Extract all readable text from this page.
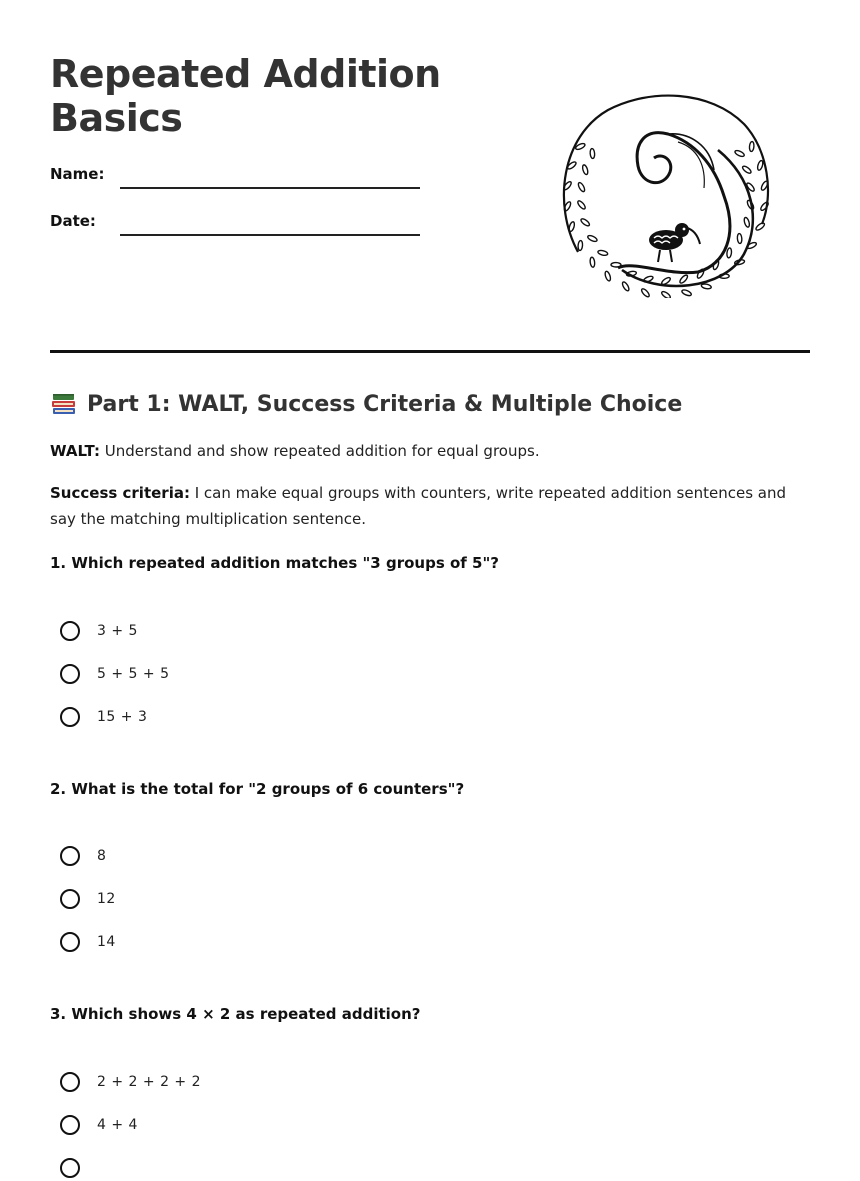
Repeated Addition
Basics
Name:
Date:
Part 1: WALT, Success Criteria & Multiple Choice

WALT: Understand and show repeated addition for equal groups.

Success criteria: I can make equal groups with counters, write repeated addition sentences and say the matching multiplication sentence.

1. Which repeated addition matches "3 groups of 5"?

3 + 5
5 + 5 + 5
15 + 3

2. What is the total for "2 groups of 6 counters"?

8
12
14

3. Which shows 4 × 2 as repeated addition?

2 + 2 + 2 + 2
4 + 4
